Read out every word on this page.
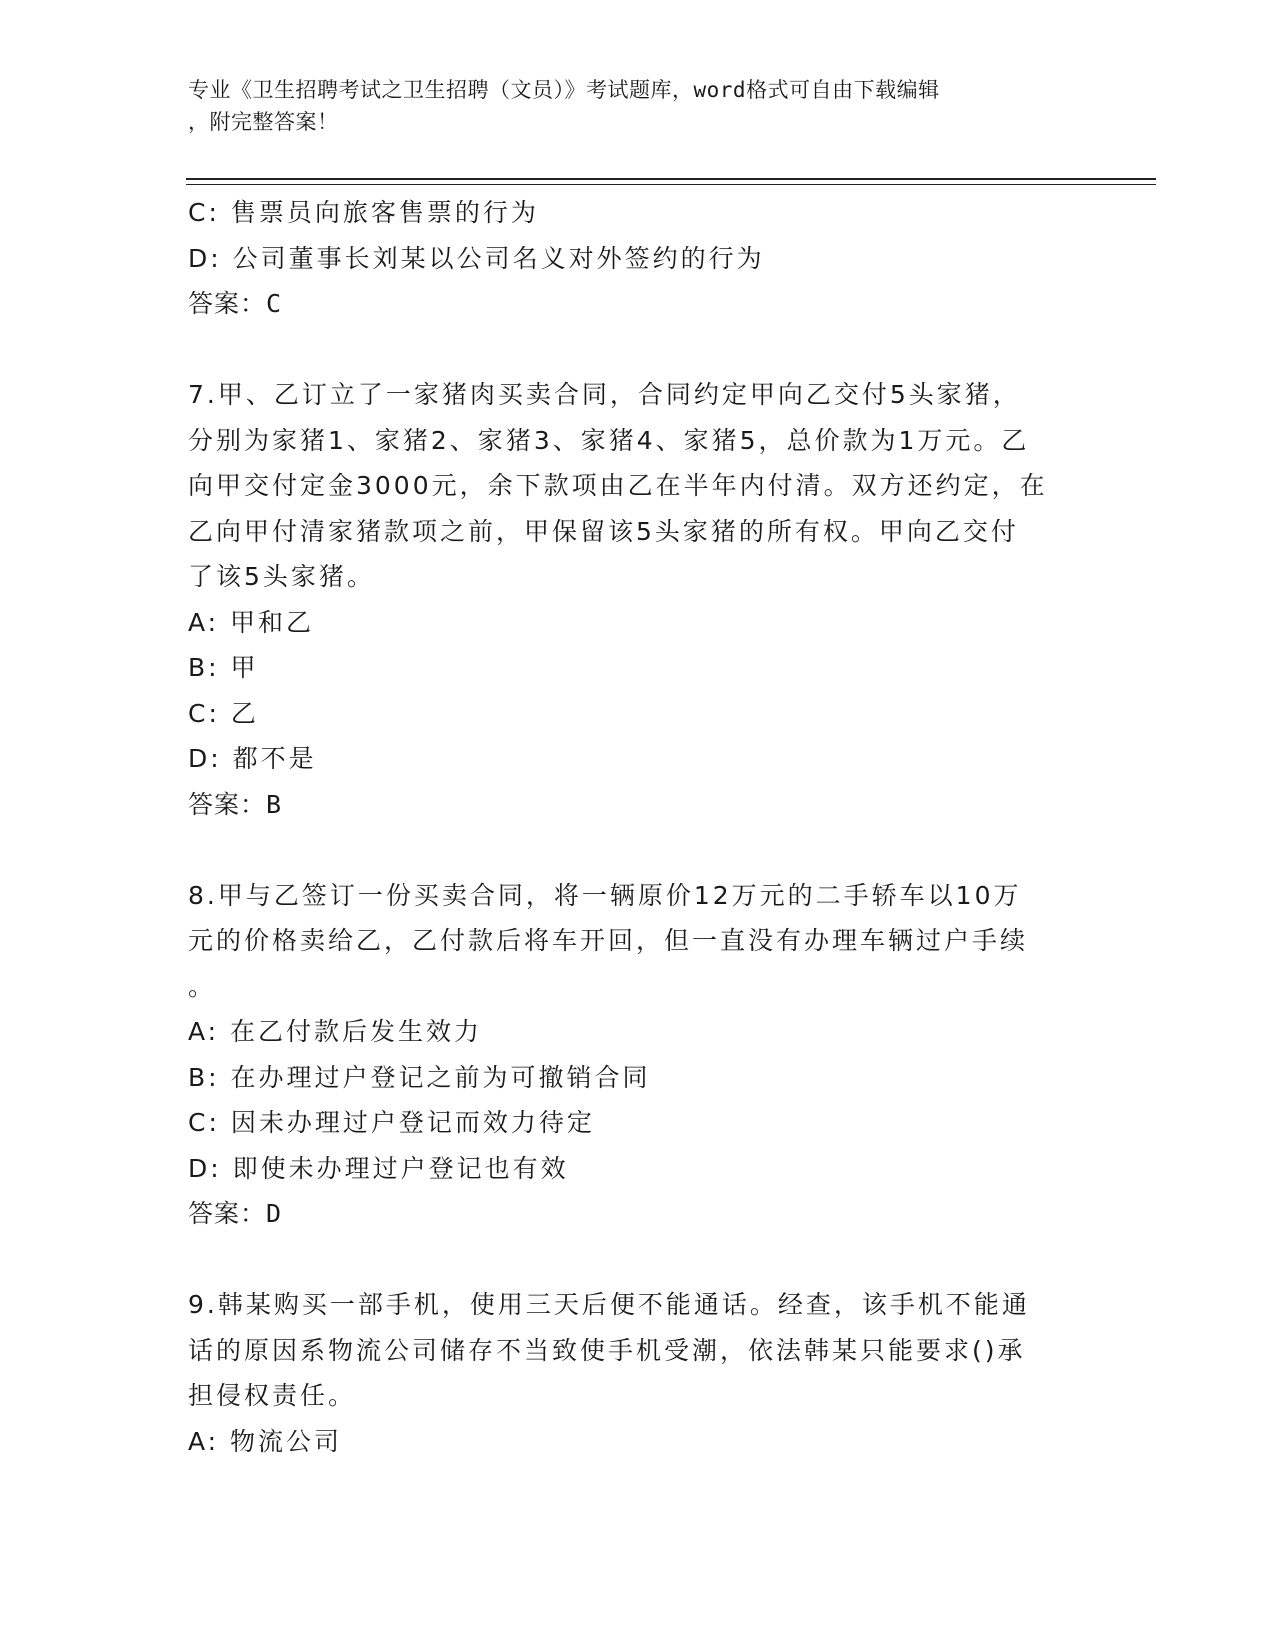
专业《卫生招聘考试之卫生招聘（文员）》考试题库，word格式可自由下载编辑
，附完整答案！
C: 售票员向旅客售票的行为
D: 公司董事长刘某以公司名义对外签约的行为
答案：C
7.甲、乙订立了一家猪肉买卖合同，合同约定甲向乙交付5头家猪，
分别为家猪1、家猪2、家猪3、家猪4、家猪5，总价款为1万元。乙
向甲交付定金3000元，余下款项由乙在半年内付清。双方还约定，在
乙向甲付清家猪款项之前，甲保留该5头家猪的所有权。甲向乙交付
了该5头家猪。
A: 甲和乙
B: 甲
C: 乙
D: 都不是
答案：B
8.甲与乙签订一份买卖合同，将一辆原价12万元的二手轿车以10万
元的价格卖给乙，乙付款后将车开回，但一直没有办理车辆过户手续
。
A: 在乙付款后发生效力
B: 在办理过户登记之前为可撤销合同
C: 因未办理过户登记而效力待定
D: 即使未办理过户登记也有效
答案：D
9.韩某购买一部手机，使用三天后便不能通话。经查，该手机不能通
话的原因系物流公司储存不当致使手机受潮，依法韩某只能要求()承
担侵权责任。
A: 物流公司
